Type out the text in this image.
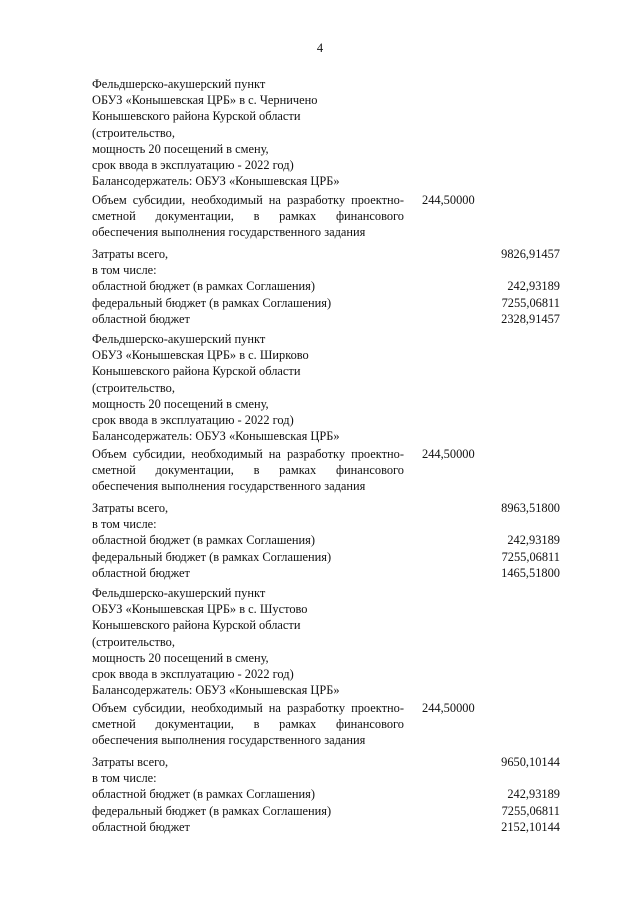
4
Фельдшерско-акушерский пункт
ОБУЗ «Конышевская ЦРБ» в с. Черничено
Конышевского района Курской области
(строительство,
мощность 20 посещений в смену,
срок ввода в эксплуатацию - 2022 год)
Балансодержатель: ОБУЗ «Конышевская ЦРБ»
Объем субсидии, необходимый на разработку проектно-
сметной документации, в рамках финансового
обеспечения выполнения государственного задания
244,50000
Затраты всего,	9826,91457
в том числе:
областной бюджет (в рамках Соглашения)	242,93189
федеральный бюджет (в рамках Соглашения)	7255,06811
областной бюджет	2328,91457
Фельдшерско-акушерский пункт
ОБУЗ «Конышевская ЦРБ» в с. Ширково
Конышевского района Курской области
(строительство,
мощность 20 посещений в смену,
срок ввода в эксплуатацию - 2022 год)
Балансодержатель: ОБУЗ «Конышевская ЦРБ»
Объем субсидии, необходимый на разработку проектно-
сметной документации, в рамках финансового
обеспечения выполнения государственного задания
244,50000
Затраты всего,	8963,51800
в том числе:
областной бюджет (в рамках Соглашения)	242,93189
федеральный бюджет (в рамках Соглашения)	7255,06811
областной бюджет	1465,51800
Фельдшерско-акушерский пункт
ОБУЗ «Конышевская ЦРБ» в с. Шустово
Конышевского района Курской области
(строительство,
мощность 20 посещений в смену,
срок ввода в эксплуатацию - 2022 год)
Балансодержатель: ОБУЗ «Конышевская ЦРБ»
Объем субсидии, необходимый на разработку проектно-
сметной документации, в рамках финансового
обеспечения выполнения государственного задания
244,50000
Затраты всего,	9650,10144
в том числе:
областной бюджет (в рамках Соглашения)	242,93189
федеральный бюджет (в рамках Соглашения)	7255,06811
областной бюджет	2152,10144
